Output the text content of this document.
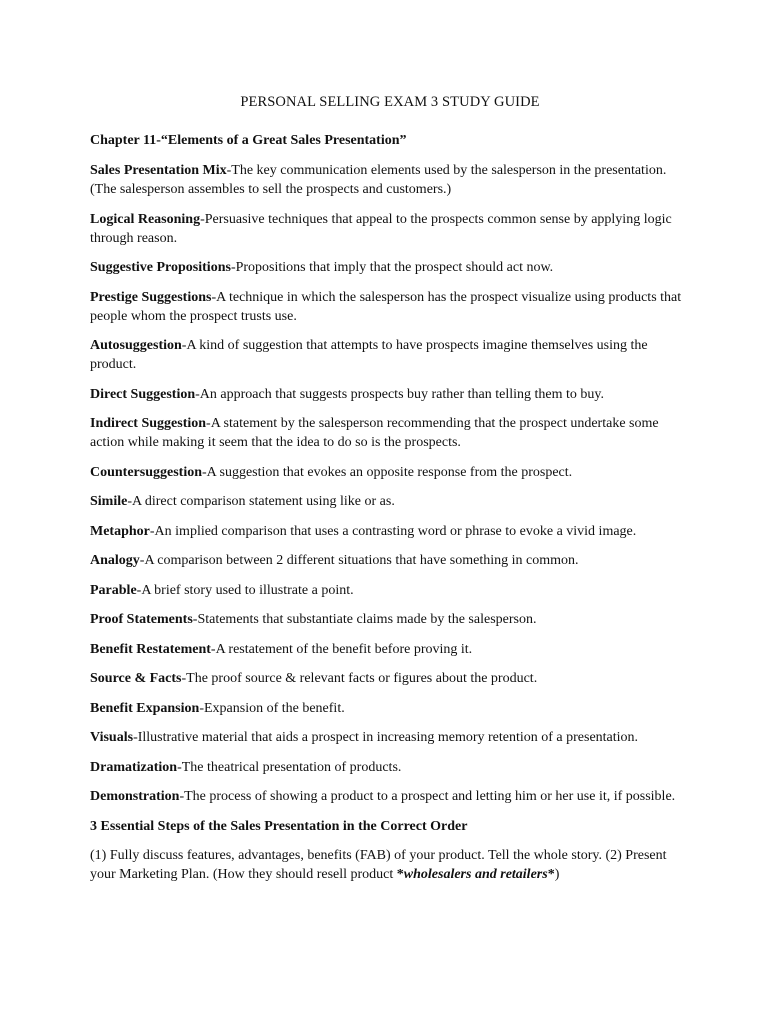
PERSONAL SELLING EXAM 3 STUDY GUIDE
Chapter 11-“Elements of a Great Sales Presentation”
Sales Presentation Mix-The key communication elements used by the salesperson in the presentation. (The salesperson assembles to sell the prospects and customers.)
Logical Reasoning-Persuasive techniques that appeal to the prospects common sense by applying logic through reason.
Suggestive Propositions-Propositions that imply that the prospect should act now.
Prestige Suggestions-A technique in which the salesperson has the prospect visualize using products that people whom the prospect trusts use.
Autosuggestion-A kind of suggestion that attempts to have prospects imagine themselves using the product.
Direct Suggestion-An approach that suggests prospects buy rather than telling them to buy.
Indirect Suggestion-A statement by the salesperson recommending that the prospect undertake some action while making it seem that the idea to do so is the prospects.
Countersuggestion-A suggestion that evokes an opposite response from the prospect.
Simile-A direct comparison statement using like or as.
Metaphor-An implied comparison that uses a contrasting word or phrase to evoke a vivid image.
Analogy-A comparison between 2 different situations that have something in common.
Parable-A brief story used to illustrate a point.
Proof Statements-Statements that substantiate claims made by the salesperson.
Benefit Restatement-A restatement of the benefit before proving it.
Source & Facts-The proof source & relevant facts or figures about the product.
Benefit Expansion-Expansion of the benefit.
Visuals-Illustrative material that aids a prospect in increasing memory retention of a presentation.
Dramatization-The theatrical presentation of products.
Demonstration-The process of showing a product to a prospect and letting him or her use it, if possible.
3 Essential Steps of the Sales Presentation in the Correct Order
(1) Fully discuss features, advantages, benefits (FAB) of your product. Tell the whole story. (2) Present your Marketing Plan. (How they should resell product *wholesalers and retailers*)
